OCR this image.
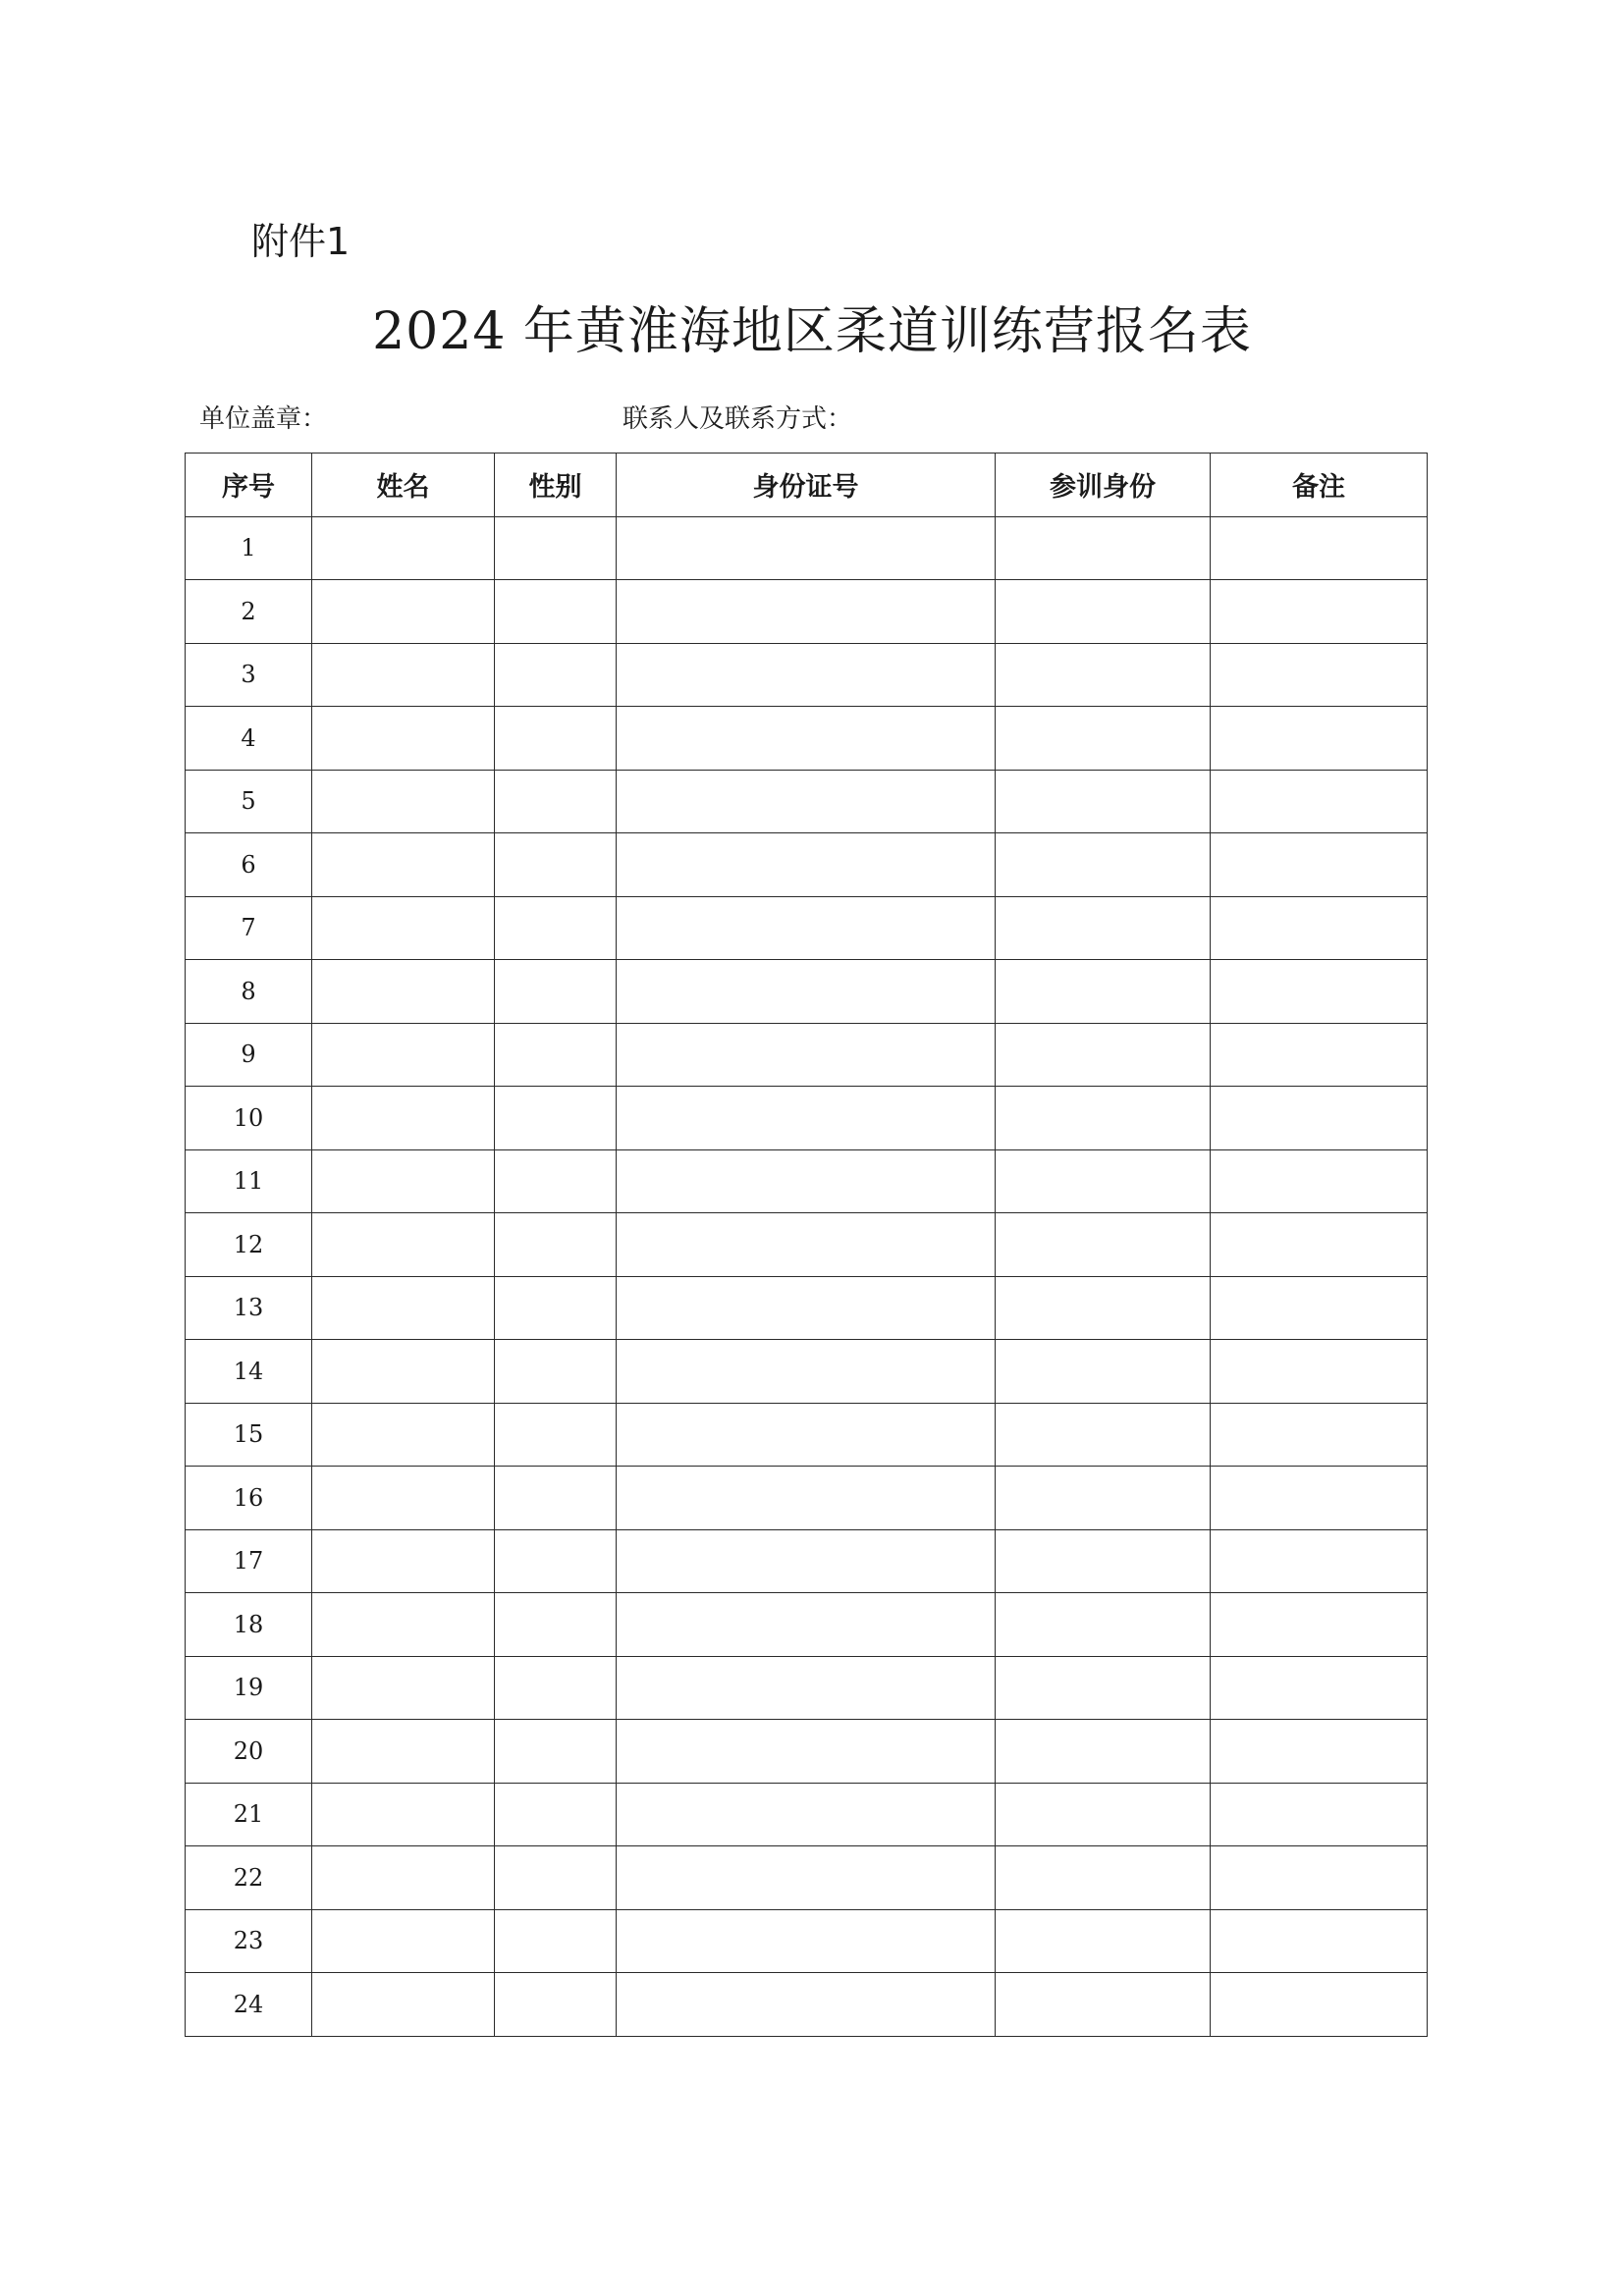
附件1
2024 年黄淮海地区柔道训练营报名表
单位盖章：	联系人及联系方式：
序号	姓名	性别	身份证号	参训身份	备注
1					
2					
3					
4					
5					
6					
7					
8					
9					
10					
11					
12					
13					
14					
15					
16					
17					
18					
19					
20					
21					
22					
23					
24					
